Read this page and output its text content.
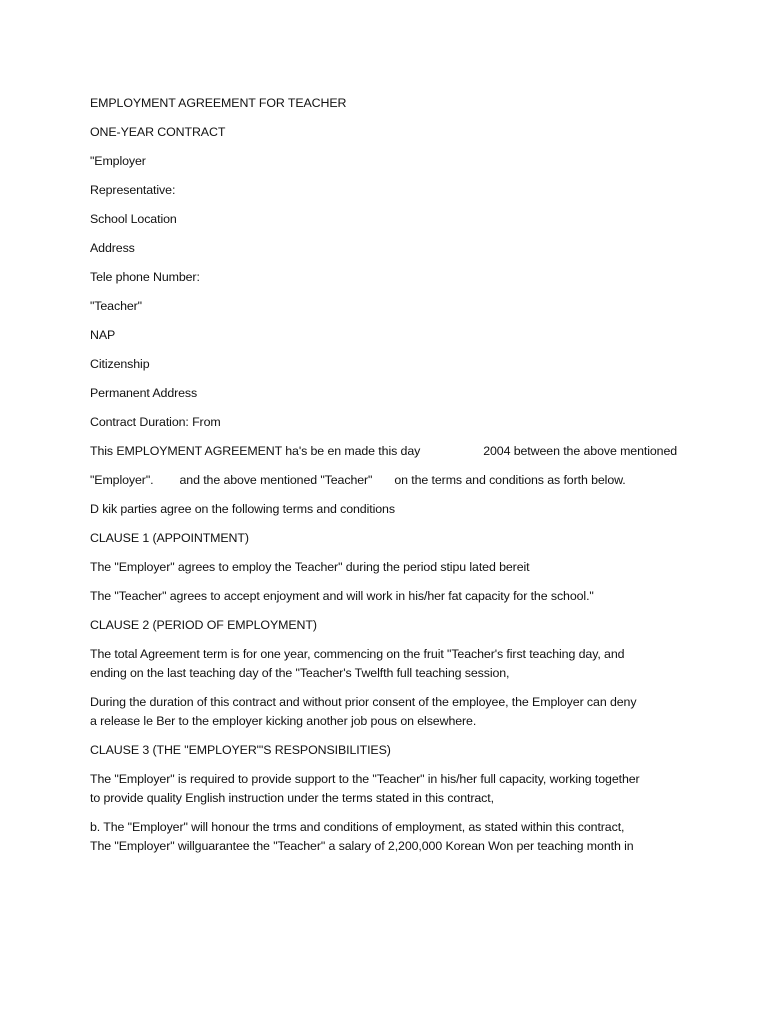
EMPLOYMENT AGREEMENT FOR TEACHER
ONE-YEAR CONTRACT
"Employer
Representative:
School Location
Address
Tele phone Number:
"Teacher"
NAP
Citizenship
Permanent Address
Contract Duration: From
This EMPLOYMENT AGREEMENT ha's be en made this day	2004 between the above mentioned
"Employer". and the above mentioned "Teacher" on the terms and conditions as forth below.
D kik parties agree on the following terms and conditions
CLAUSE 1 (APPOINTMENT)
The "Employer" agrees to employ the Teacher" during the period stipu lated bereit
The "Teacher" agrees to accept enjoyment and will work in his/her fat capacity for the school."
CLAUSE 2 (PERIOD OF EMPLOYMENT)
The total Agreement term is for one year, commencing on the fruit "Teacher's first teaching day, and
ending on the last teaching day of the "Teacher's Twelfth full teaching session,
During the duration of this contract and without prior consent of the employee, the Employer can deny
a release le Ber to the employer kicking another job pous on elsewhere.
CLAUSE 3 (THE "EMPLOYER"'S RESPONSIBILITIES)
The "Employer" is required to provide support to the "Teacher" in his/her full capacity, working together
to provide quality English instruction under the terms stated in this contract,
b. The "Employer" will honour the trms and conditions of employment, as stated within this contract,
The "Employer" willguarantee the "Teacher" a salary of 2,200,000 Korean Won per teaching month in
